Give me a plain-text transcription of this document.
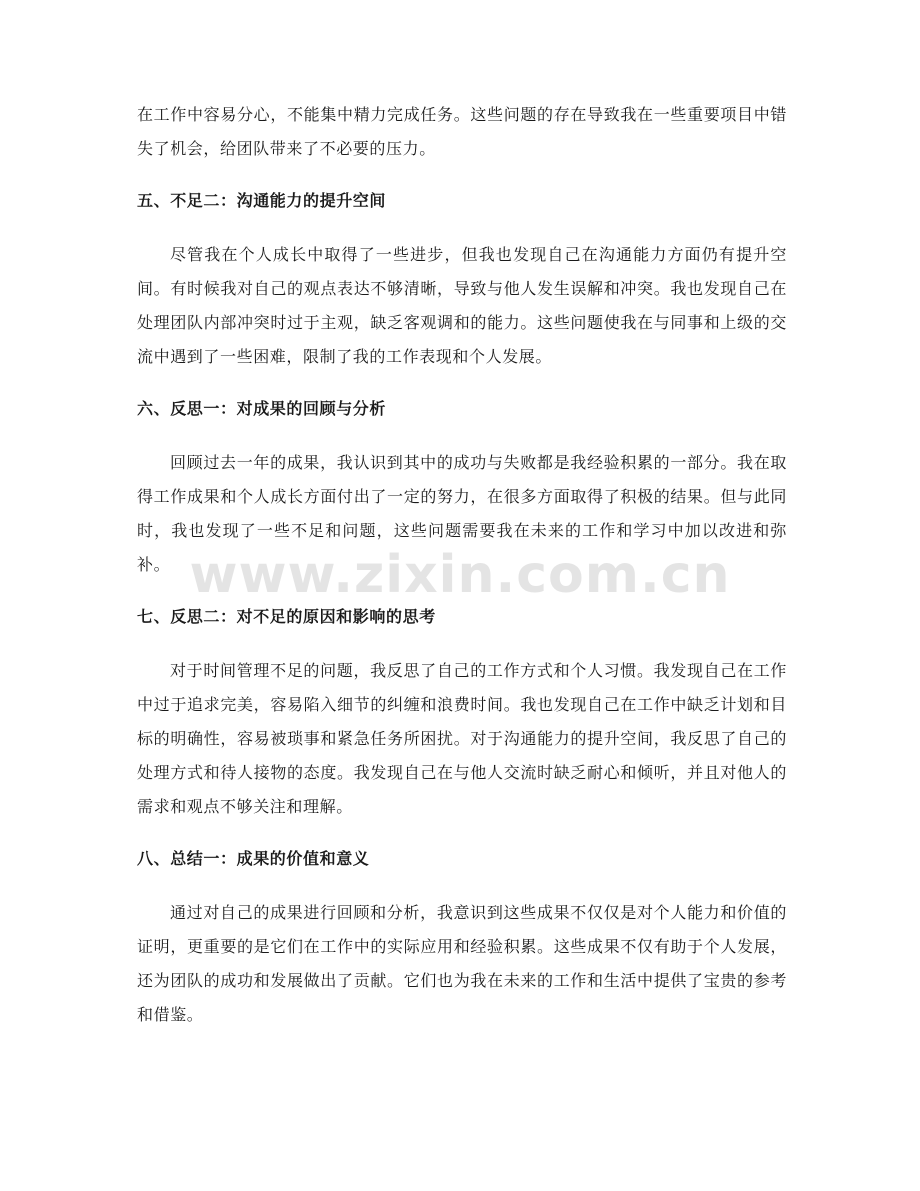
在工作中容易分心，不能集中精力完成任务。这些问题的存在导致我在一些重要项目中错失了机会，给团队带来了不必要的压力。

五、不足二：沟通能力的提升空间

尽管我在个人成长中取得了一些进步，但我也发现自己在沟通能力方面仍有提升空间。有时候我对自己的观点表达不够清晰，导致与他人发生误解和冲突。我也发现自己在处理团队内部冲突时过于主观，缺乏客观调和的能力。这些问题使我在与同事和上级的交流中遇到了一些困难，限制了我的工作表现和个人发展。

六、反思一：对成果的回顾与分析

回顾过去一年的成果，我认识到其中的成功与失败都是我经验积累的一部分。我在取得工作成果和个人成长方面付出了一定的努力，在很多方面取得了积极的结果。但与此同时，我也发现了一些不足和问题，这些问题需要我在未来的工作和学习中加以改进和弥补。

七、反思二：对不足的原因和影响的思考

对于时间管理不足的问题，我反思了自己的工作方式和个人习惯。我发现自己在工作中过于追求完美，容易陷入细节的纠缠和浪费时间。我也发现自己在工作中缺乏计划和目标的明确性，容易被琐事和紧急任务所困扰。对于沟通能力的提升空间，我反思了自己的处理方式和待人接物的态度。我发现自己在与他人交流时缺乏耐心和倾听，并且对他人的需求和观点不够关注和理解。

八、总结一：成果的价值和意义

通过对自己的成果进行回顾和分析，我意识到这些成果不仅仅是对个人能力和价值的证明，更重要的是它们在工作中的实际应用和经验积累。这些成果不仅有助于个人发展，还为团队的成功和发展做出了贡献。它们也为我在未来的工作和生活中提供了宝贵的参考和借鉴。

www.zixin.com.cn
